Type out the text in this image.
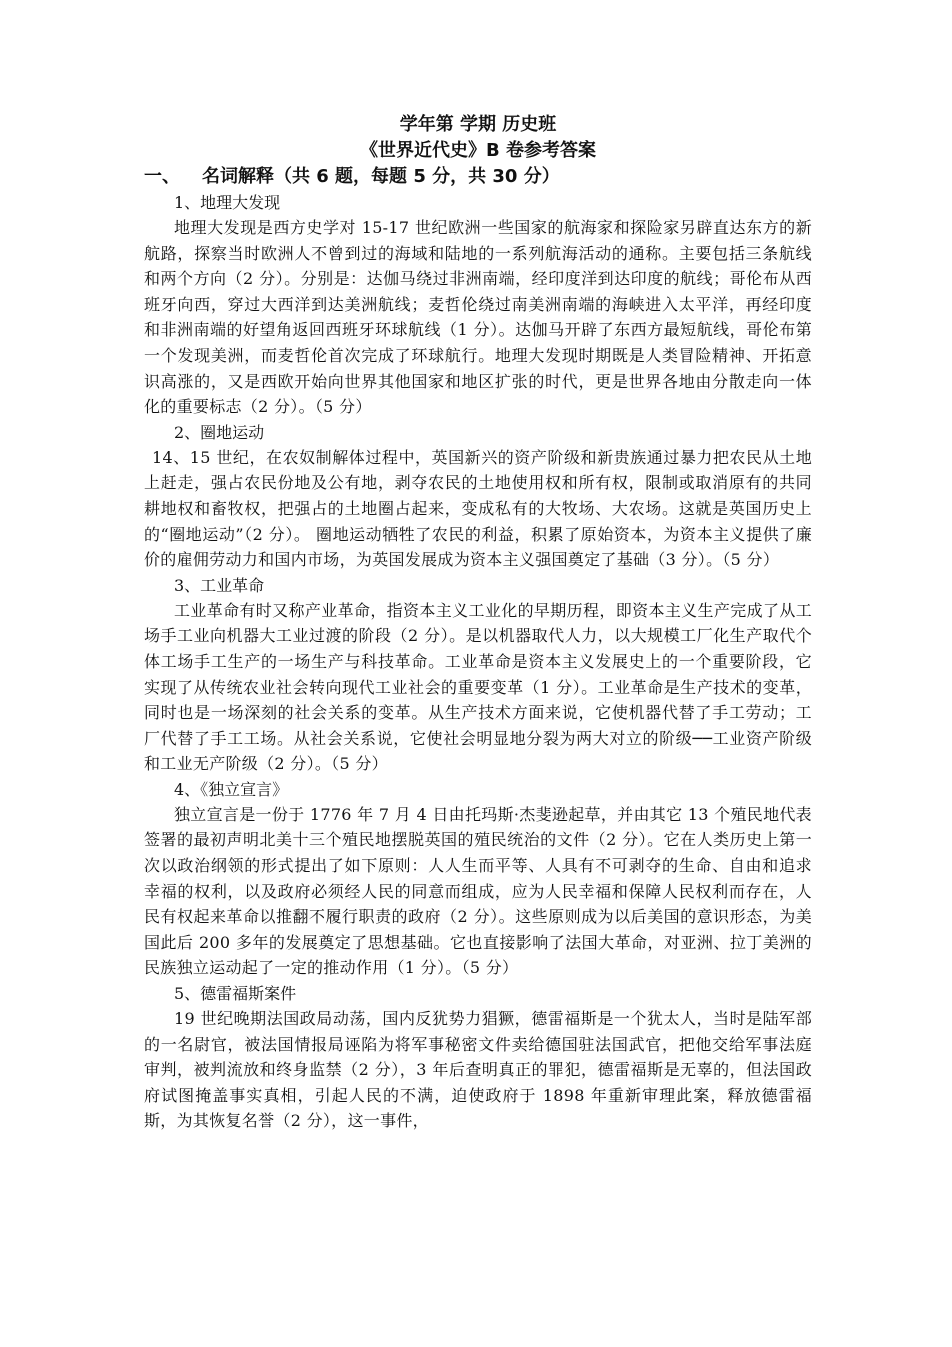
学年第 学期 历史班

《世界近代史》B 卷参考答案

一、 名词解释（共 6 题，每题 5 分，共 30 分）

1、地理大发现

地理大发现是西方史学对 15-17 世纪欧洲一些国家的航海家和探险家另辟直达东方的新航路，探察当时欧洲人不曾到过的海域和陆地的一系列航海活动的通称。主要包括三条航线和两个方向（2 分）。分别是：达伽马绕过非洲南端，经印度洋到达印度的航线；哥伦布从西班牙向西，穿过大西洋到达美洲航线；麦哲伦绕过南美洲南端的海峡进入太平洋，再经印度和非洲南端的好望角返回西班牙环球航线（1 分）。达伽马开辟了东西方最短航线，哥伦布第一个发现美洲，而麦哲伦首次完成了环球航行。地理大发现时期既是人类冒险精神、开拓意识高涨的，又是西欧开始向世界其他国家和地区扩张的时代，更是世界各地由分散走向一体化的重要标志（2 分）。（5 分）

2、圈地运动

14、15 世纪，在农奴制解体过程中，英国新兴的资产阶级和新贵族通过暴力把农民从土地上赶走，强占农民份地及公有地，剥夺农民的土地使用权和所有权，限制或取消原有的共同耕地权和畜牧权，把强占的土地圈占起来，变成私有的大牧场、大农场。这就是英国历史上的“圈地运动”（2 分）。 圈地运动牺牲了农民的利益，积累了原始资本，为资本主义提供了廉价的雇佣劳动力和国内市场，为英国发展成为资本主义强国奠定了基础（3 分）。（5 分）

3、工业革命

工业革命有时又称产业革命，指资本主义工业化的早期历程，即资本主义生产完成了从工场手工业向机器大工业过渡的阶段（2 分）。是以机器取代人力，以大规模工厂化生产取代个体工场手工生产的一场生产与科技革命。工业革命是资本主义发展史上的一个重要阶段，它实现了从传统农业社会转向现代工业社会的重要变革（1 分）。工业革命是生产技术的变革，同时也是一场深刻的社会关系的变革。从生产技术方面来说，它使机器代替了手工劳动；工厂代替了手工工场。从社会关系说，它使社会明显地分裂为两大对立的阶级──工业资产阶级和工业无产阶级（2 分）。（5 分）

4、《独立宣言》

独立宣言是一份于 1776 年 7 月 4 日由托玛斯·杰斐逊起草，并由其它 13 个殖民地代表签署的最初声明北美十三个殖民地摆脱英国的殖民统治的文件（2 分）。它在人类历史上第一次以政治纲领的形式提出了如下原则：人人生而平等、人具有不可剥夺的生命、自由和追求幸福的权利，以及政府必须经人民的同意而组成，应为人民幸福和保障人民权利而存在，人民有权起来革命以推翻不履行职责的政府（2 分）。这些原则成为以后美国的意识形态，为美国此后 200 多年的发展奠定了思想基础。它也直接影响了法国大革命，对亚洲、拉丁美洲的民族独立运动起了一定的推动作用（1 分）。（5 分）

5、德雷福斯案件

19 世纪晚期法国政局动荡，国内反犹势力猖獗，德雷福斯是一个犹太人，当时是陆军部的一名尉官，被法国情报局诬陷为将军事秘密文件卖给德国驻法国武官，把他交给军事法庭审判，被判流放和终身监禁（2 分），3 年后查明真正的罪犯，德雷福斯是无辜的，但法国政府试图掩盖事实真相，引起人民的不满，迫使政府于 1898 年重新审理此案，释放德雷福斯，为其恢复名誉（2 分），这一事件，
